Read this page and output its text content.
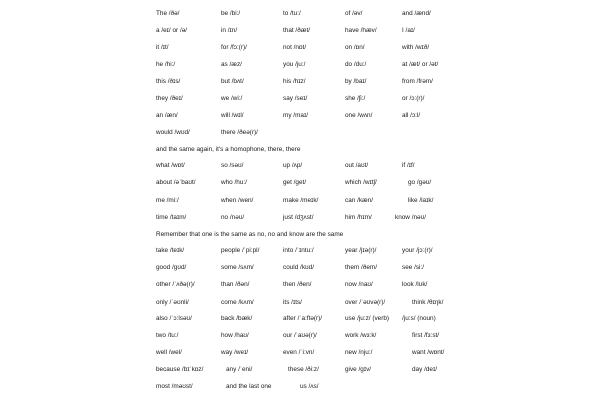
The /ðə/	be /bi:/	to /tu:/	of /əv/	and /ænd/
a /eɪ/ or /ə/	in /ɪn/	that /ðæt/	have /hæv/	I /aɪ/
it /ɪt/	for /fɔ:(r)/	not /nɒt/	on /ɒn/	with /wɪð/
he /hi:/	as /æz/	you /ju:/	do /du:/	at /æt/ or /ət/
this /ðɪs/	but /bʌt/	his /hɪz/	by /baɪ/	from /frəm/
they /ðeɪ/	we /wi:/	say /seɪ/	she /ʃi:/	or /ɔ:(r)/
an /æn/	will /wɪl/	my /maɪ/	one /wʌn/	all /ɔ:l/
would /wʊd/	there /ðeə(r)/
and the same again, it's a homophone, there, there
what /wɒt/	so /səʊ/	up /ʌp/	out /aʊt/	if /ɪf/
about /əˈbaʊt/	who /hu:/	get /get/	which /wɪtʃ/	go /gəʊ/
me /mi:/	when /wen/	make /meɪk/	can /kæn/	like /laɪk/
time /taɪm/	no /nəʊ/	just /dʒʌst/	him /hɪm/	know /nəʊ/
Remember that one is the same as no, no and know are the same
take /teɪk/	people /ˈpi:pl/	into /ˈɪntu:/	year /jɪə(r)/	your /jɔ:(r)/
good /gʊd/	some /sʌm/	could /kʊd/	them /ðem/	see /si:/
other /ˈʌðə(r)/	than /ðən/	then /ðen/	now /naʊ/	look /lʊk/
only /ˈəʊnli/	come /kʌm/	its /ɪts/	over /ˈəʊvə(r)/	think /θɪŋk/
also /ˈɔ:lsəʊ/	back /bæk/	after /ˈa:ftə(r)/	use /ju:z/ (verb) /ju:s/ (noun)
two /tu:/	how /haʊ/	our /ˈaʊə(r)/	work /wɜ:k/	first /fɜ:st/
well /wel/	way /weɪ/	even /ˈi:vn/	new /nju:/	want /wɒnt/
because /bɪˈkɒz/	any /ˈeni/	these /ði:z/	give /gɪv/	day /deɪ/
most /məʊst/	and the last one	us /ʌs/
